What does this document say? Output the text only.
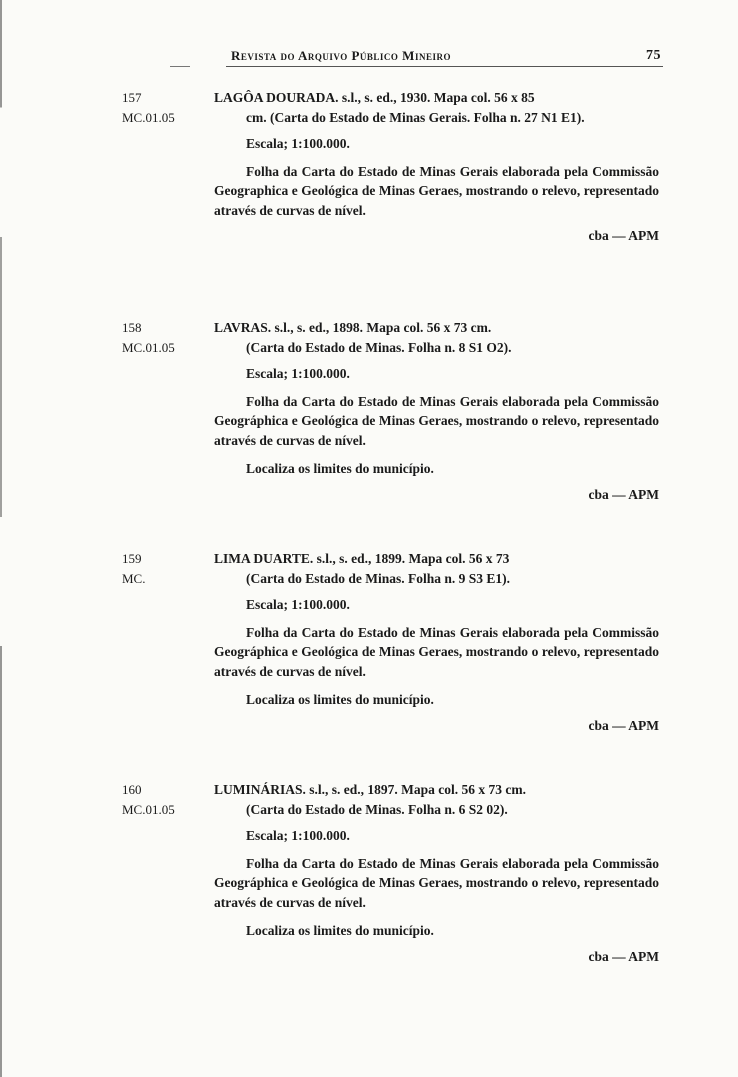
Revista do Arquivo Público Mineiro	75
157
MC.01.05

LAGÔA DOURADA. s.l., s. ed., 1930. Mapa col. 56 x 85

cm. (Carta do Estado de Minas Gerais. Folha n. 27 N1 E1).

Escala; 1:100.000.

Folha da Carta do Estado de Minas Gerais elaborada pela Commissão Geographica e Geológica de Minas Geraes, mostrando o relevo, representado através de curvas de nível.

cba — APM

158
MC.01.05

LAVRAS. s.l., s. ed., 1898. Mapa col. 56 x 73 cm.

(Carta do Estado de Minas. Folha n. 8 S1 O2).

Escala; 1:100.000.

Folha da Carta do Estado de Minas Gerais elaborada pela Commissão Geográphica e Geológica de Minas Geraes, mostrando o relevo, representado através de curvas de nível.

Localiza os limites do município.

cba — APM

159
MC.

LIMA DUARTE. s.l., s. ed., 1899. Mapa col. 56 x 73

(Carta do Estado de Minas. Folha n. 9 S3 E1).

Escala; 1:100.000.

Folha da Carta do Estado de Minas Gerais elaborada pela Commissão Geográphica e Geológica de Minas Geraes, mostrando o relevo, representado através de curvas de nível.

Localiza os limites do município.

cba — APM

160
MC.01.05

LUMINÁRIAS. s.l., s. ed., 1897. Mapa col. 56 x 73 cm.

(Carta do Estado de Minas. Folha n. 6 S2 02).

Escala; 1:100.000.

Folha da Carta do Estado de Minas Gerais elaborada pela Commissão Geográphica e Geológica de Minas Geraes, mostrando o relevo, representado através de curvas de nível.

Localiza os limites do município.

cba — APM
